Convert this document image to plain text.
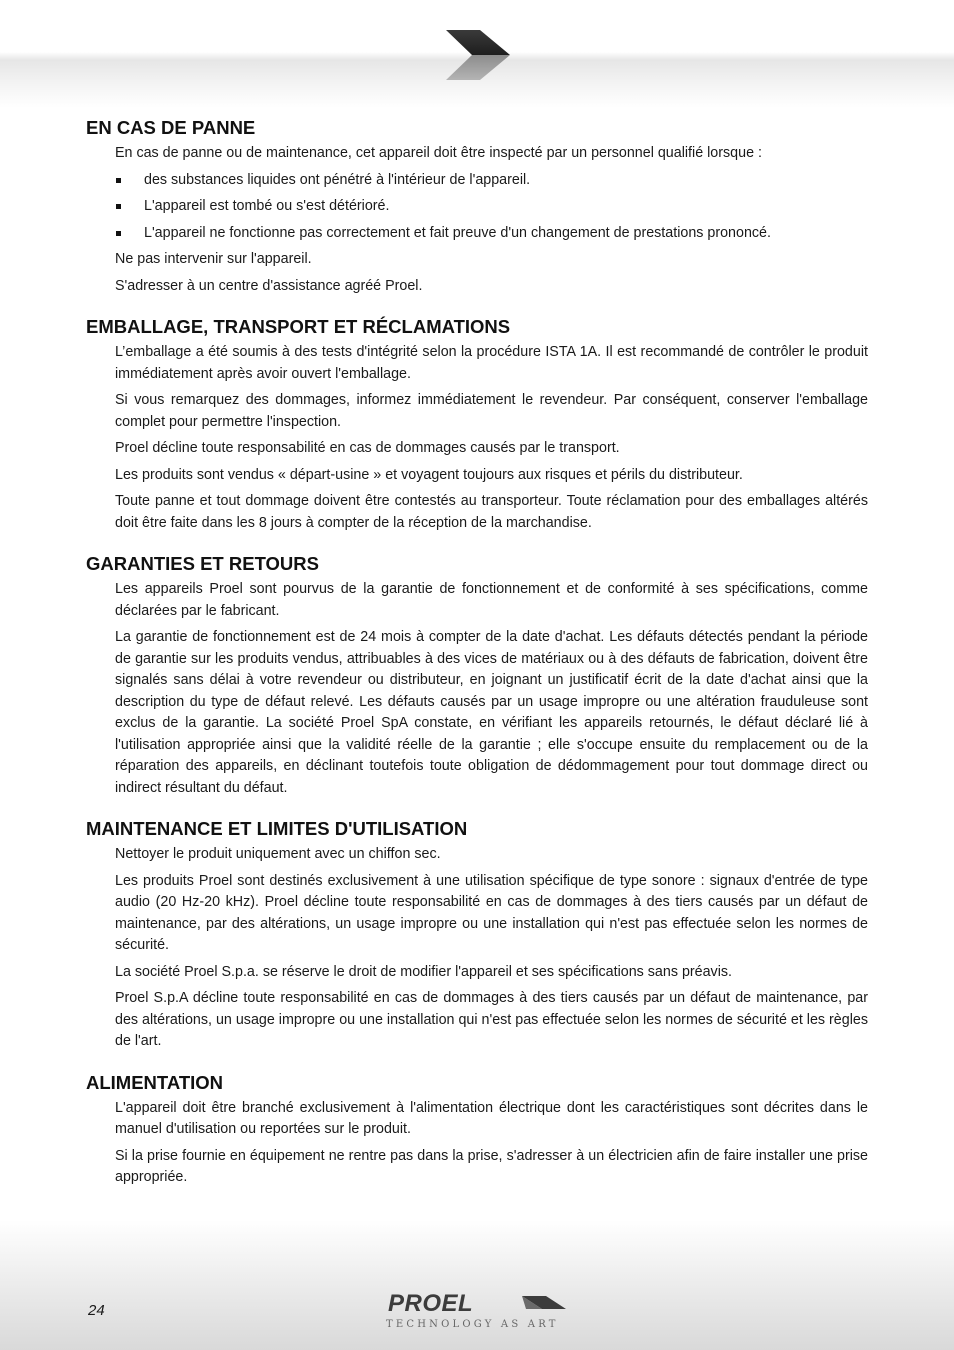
EN CAS DE PANNE

En cas de panne ou de maintenance, cet appareil doit être inspecté par un personnel qualifié lorsque :

des substances liquides ont pénétré à l'intérieur de l'appareil.
L'appareil est tombé ou s'est détérioré.
L'appareil ne fonctionne pas correctement et fait preuve d'un changement de prestations prononcé.

Ne pas intervenir sur l'appareil.

S'adresser à un centre d'assistance agréé Proel.

EMBALLAGE, TRANSPORT ET RÉCLAMATIONS

L’emballage a été soumis à des tests d'intégrité selon la procédure ISTA 1A. Il est recommandé de contrôler le produit immédiatement après avoir ouvert l'emballage.

Si vous remarquez des dommages, informez immédiatement le revendeur. Par conséquent, conserver l'emballage complet pour permettre l'inspection.

Proel décline toute responsabilité en cas de dommages causés par le transport.

Les produits sont vendus « départ-usine » et voyagent toujours aux risques et périls du distributeur.

Toute panne et tout dommage doivent être contestés au transporteur. Toute réclamation pour des emballages altérés doit être faite dans les 8 jours à compter de la réception de la marchandise.

GARANTIES ET RETOURS

Les appareils Proel sont pourvus de la garantie de fonctionnement et de conformité à ses spécifications, comme déclarées par le fabricant.

La garantie de fonctionnement est de 24 mois à compter de la date d'achat. Les défauts détectés pendant la période de garantie sur les produits vendus, attribuables à des vices de matériaux ou à des défauts de fabrication, doivent être signalés sans délai à votre revendeur ou distributeur, en joignant un justificatif écrit de la date d'achat ainsi que la description du type de défaut relevé. Les défauts causés par un usage impropre ou une altération frauduleuse sont exclus de la garantie. La société Proel SpA constate, en vérifiant les appareils retournés, le défaut déclaré lié à l'utilisation appropriée ainsi que la validité réelle de la garantie ; elle s'occupe ensuite du remplacement ou de la réparation des appareils, en déclinant toutefois toute obligation de dédommagement pour tout dommage direct ou indirect résultant du défaut.

MAINTENANCE ET LIMITES D'UTILISATION

Nettoyer le produit uniquement avec un chiffon sec.

Les produits Proel sont destinés exclusivement à une utilisation spécifique de type sonore : signaux d'entrée de type audio (20 Hz-20 kHz). Proel décline toute responsabilité en cas de dommages à des tiers causés par un défaut de maintenance, par des altérations, un usage impropre ou une installation qui n'est pas effectuée selon les normes de sécurité.

La société Proel S.p.a. se réserve le droit de modifier l'appareil et ses spécifications sans préavis.

Proel S.p.A décline toute responsabilité en cas de dommages à des tiers causés par un défaut de maintenance, par des altérations, un usage impropre ou une installation qui n'est pas effectuée selon les normes de sécurité et les règles de l'art.

ALIMENTATION

L'appareil doit être branché exclusivement à l'alimentation électrique dont les caractéristiques sont décrites dans le manuel d'utilisation ou reportées sur le produit.

Si la prise fournie en équipement ne rentre pas dans la prise, s'adresser à un électricien afin de faire installer une prise appropriée.

24	PROEL
TECHNOLOGY AS ART
